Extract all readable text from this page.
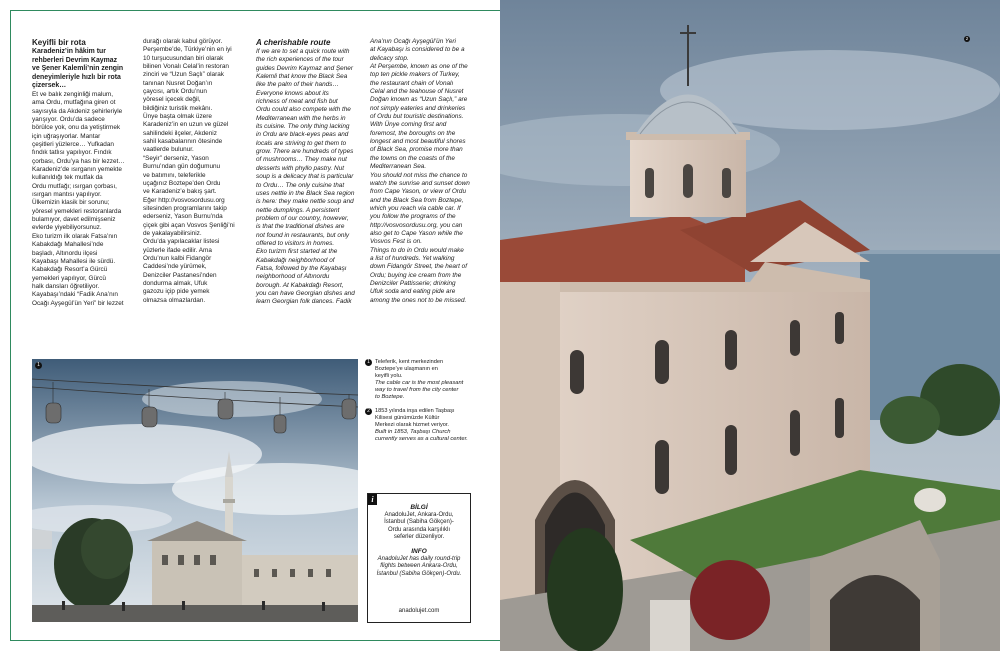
Keyifli bir rota

Karadeniz’in hâkim tur
rehberleri Devrim Kaymaz
ve Şener Kalemli’nin zengin
deneyimleriyle hızlı bir rota
çizersek…

Et ve balık zenginliği malum,
ama Ordu, mutfağına giren ot
sayısıyla da Akdeniz şehirleriyle
yarışıyor. Ordu’da sadece
börülce yok, onu da yetiştirmek
için uğraşıyorlar. Mantar
çeşitleri yüzlerce… Yufkadan
fındık tatlısı yapılıyor. Fındık
çorbası, Ordu’ya has bir lezzet…
Karadeniz’de ısırganın yemekte
kullanıldığı tek mutfak da
Ordu mutfağı; ısırgan çorbası,
ısırgan mantısı yapılıyor.
Ülkemizin klasik bir sorunu;
yöresel yemekleri restoranlarda
bulamıyor, davet edilmişseniz
evlerde yiyebiliyorsunuz.
Eko turizm ilk olarak Fatsa’nın
Kabakdağı Mahallesi’nde
başladı, Altınordu ilçesi
Kayabaşı Mahallesi ile sürdü.
Kabakdağı Resort’a Gürcü
yemekleri yapılıyor, Gürcü
halk dansları öğretiliyor.
Kayabaşı’ndaki “Fadik Ana’nın
Ocağı Ayşegül’ün Yeri” bir lezzet

durağı olarak kabul görüyor.
Perşembe’de, Türkiye’nin en iyi
10 turşucusundan biri olarak
bilinen Vonalı Celal’in restoran
zinciri ve “Uzun Saçlı” olarak
tanınan Nusret Doğan’ın
çaycısı, artık Ordu’nun
yöresel içecek değil,
bildiğiniz turistik mekânı.
Ünye başta olmak üzere
Karadeniz’in en uzun ve güzel
sahilindeki ilçeler, Akdeniz
sahil kasabalarının ötesinde
vaatlerde bulunur.
“Seyir” derseniz, Yason
Burnu’ndan gün doğumunu
ve batımını, teleferikle
uçağınız Boztepe’den Ordu
ve Karadeniz’e bakış şart.
Eğer http://vosvosordusu.org
sitesinden programlarını takip
ederseniz, Yason Burnu’nda
çiçek gibi açan Vosvos Şenliği’ni
de yakalayabilirsiniz.
Ordu’da yapılacaklar listesi
yüzlerle ifade edilir. Ama
Ordu’nun kalbi Fidangör
Caddesi’nde yürümek,
Denizciler Pastanesi’nden
dondurma almak, Ufuk
gazozu içip pide yemek
olmazsa olmazlardan.

A cherishable route

If we are to set a quick route with
the rich experiences of the tour
guides Devrim Kaymaz and Şener
Kalemli that know the Black Sea
like the palm of their hands…
Everyone knows about its
richness of meat and fish but
Ordu could also compete with the
Mediterranean with the herbs in
its cuisine. The only thing lacking
in Ordu are black-eyes peas and
locals are striving to get them to
grow. There are hundreds of types
of mushrooms… They make nut
desserts with phyllo pastry. Nut
soup is a delicacy that is particular
to Ordu… The only cuisine that
uses nettle in the Black Sea region
is here: they make nettle soup and
nettle dumplings. A persistent
problem of our country, however,
is that the traditional dishes are
not found in restaurants, but only
offered to visitors in homes.
Eko turizm first started at the
Kabakdağı neighborhood of
Fatsa, followed by the Kayabaşı
neighborhood of Altınordu
borough. At Kabakdağı Resort,
you can have Georgian dishes and
learn Georgian folk dances. Fadik

Ana’nın Ocağı Ayşegül’ün Yeri
at Kayabaşı is considered to be a
delicacy stop.
At Perşembe, known as one of the
top ten pickle makers of Turkey,
the restaurant chain of Vonalı
Celal and the teahouse of Nusret
Doğan known as “Uzun Saçlı,” are
not simply eateries and drinkeries
of Ordu but touristic destinations.
With Ünye coming first and
foremost, the boroughs on the
longest and most beautiful shores
of Black Sea, promise more than
the towns on the coasts of the
Mediterranean Sea.
You should not miss the chance to
watch the sunrise and sunset down
from Cape Yason, or view of Ordu
and the Black Sea from Boztepe,
which you reach via cable car. If
you follow the programs of the
http://vosvosordusu.org, you can
also get to Cape Yason while the
Vosvos Fest is on.
Things to do in Ordu would make
a list of hundreds. Yet walking
down Fidangör Street, the heart of
Ordu; buying ice cream from the
Denizciler Pattisserie; drinking
Ufuk soda and eating pide are
among the ones not to be missed.

1	1 Teleferik, kent merkezinden
Boztepe’ye ulaşmanın en
keyifli yolu.
The cable car is the most pleasant
way to travel from the city center
to Boztepe.
2 1853 yılında inşa edilen Taşbaşı
Kilisesi günümüzde Kültür
Merkezi olarak hizmet veriyor.
Built in 1853, Taşbaşı Church
currently serves as a cultural center.
i
BİLGİ
AnadoluJet, Ankara-Ordu,
İstanbul (Sabiha Gökçen)-
Ordu arasında karşılıklı
seferler düzenliyor.
INFO
AnadoluJet has daily round-trip
flights between Ankara-Ordu,
İstanbul (Sabiha Gökçen)-Ordu.
anadolujet.com
2
